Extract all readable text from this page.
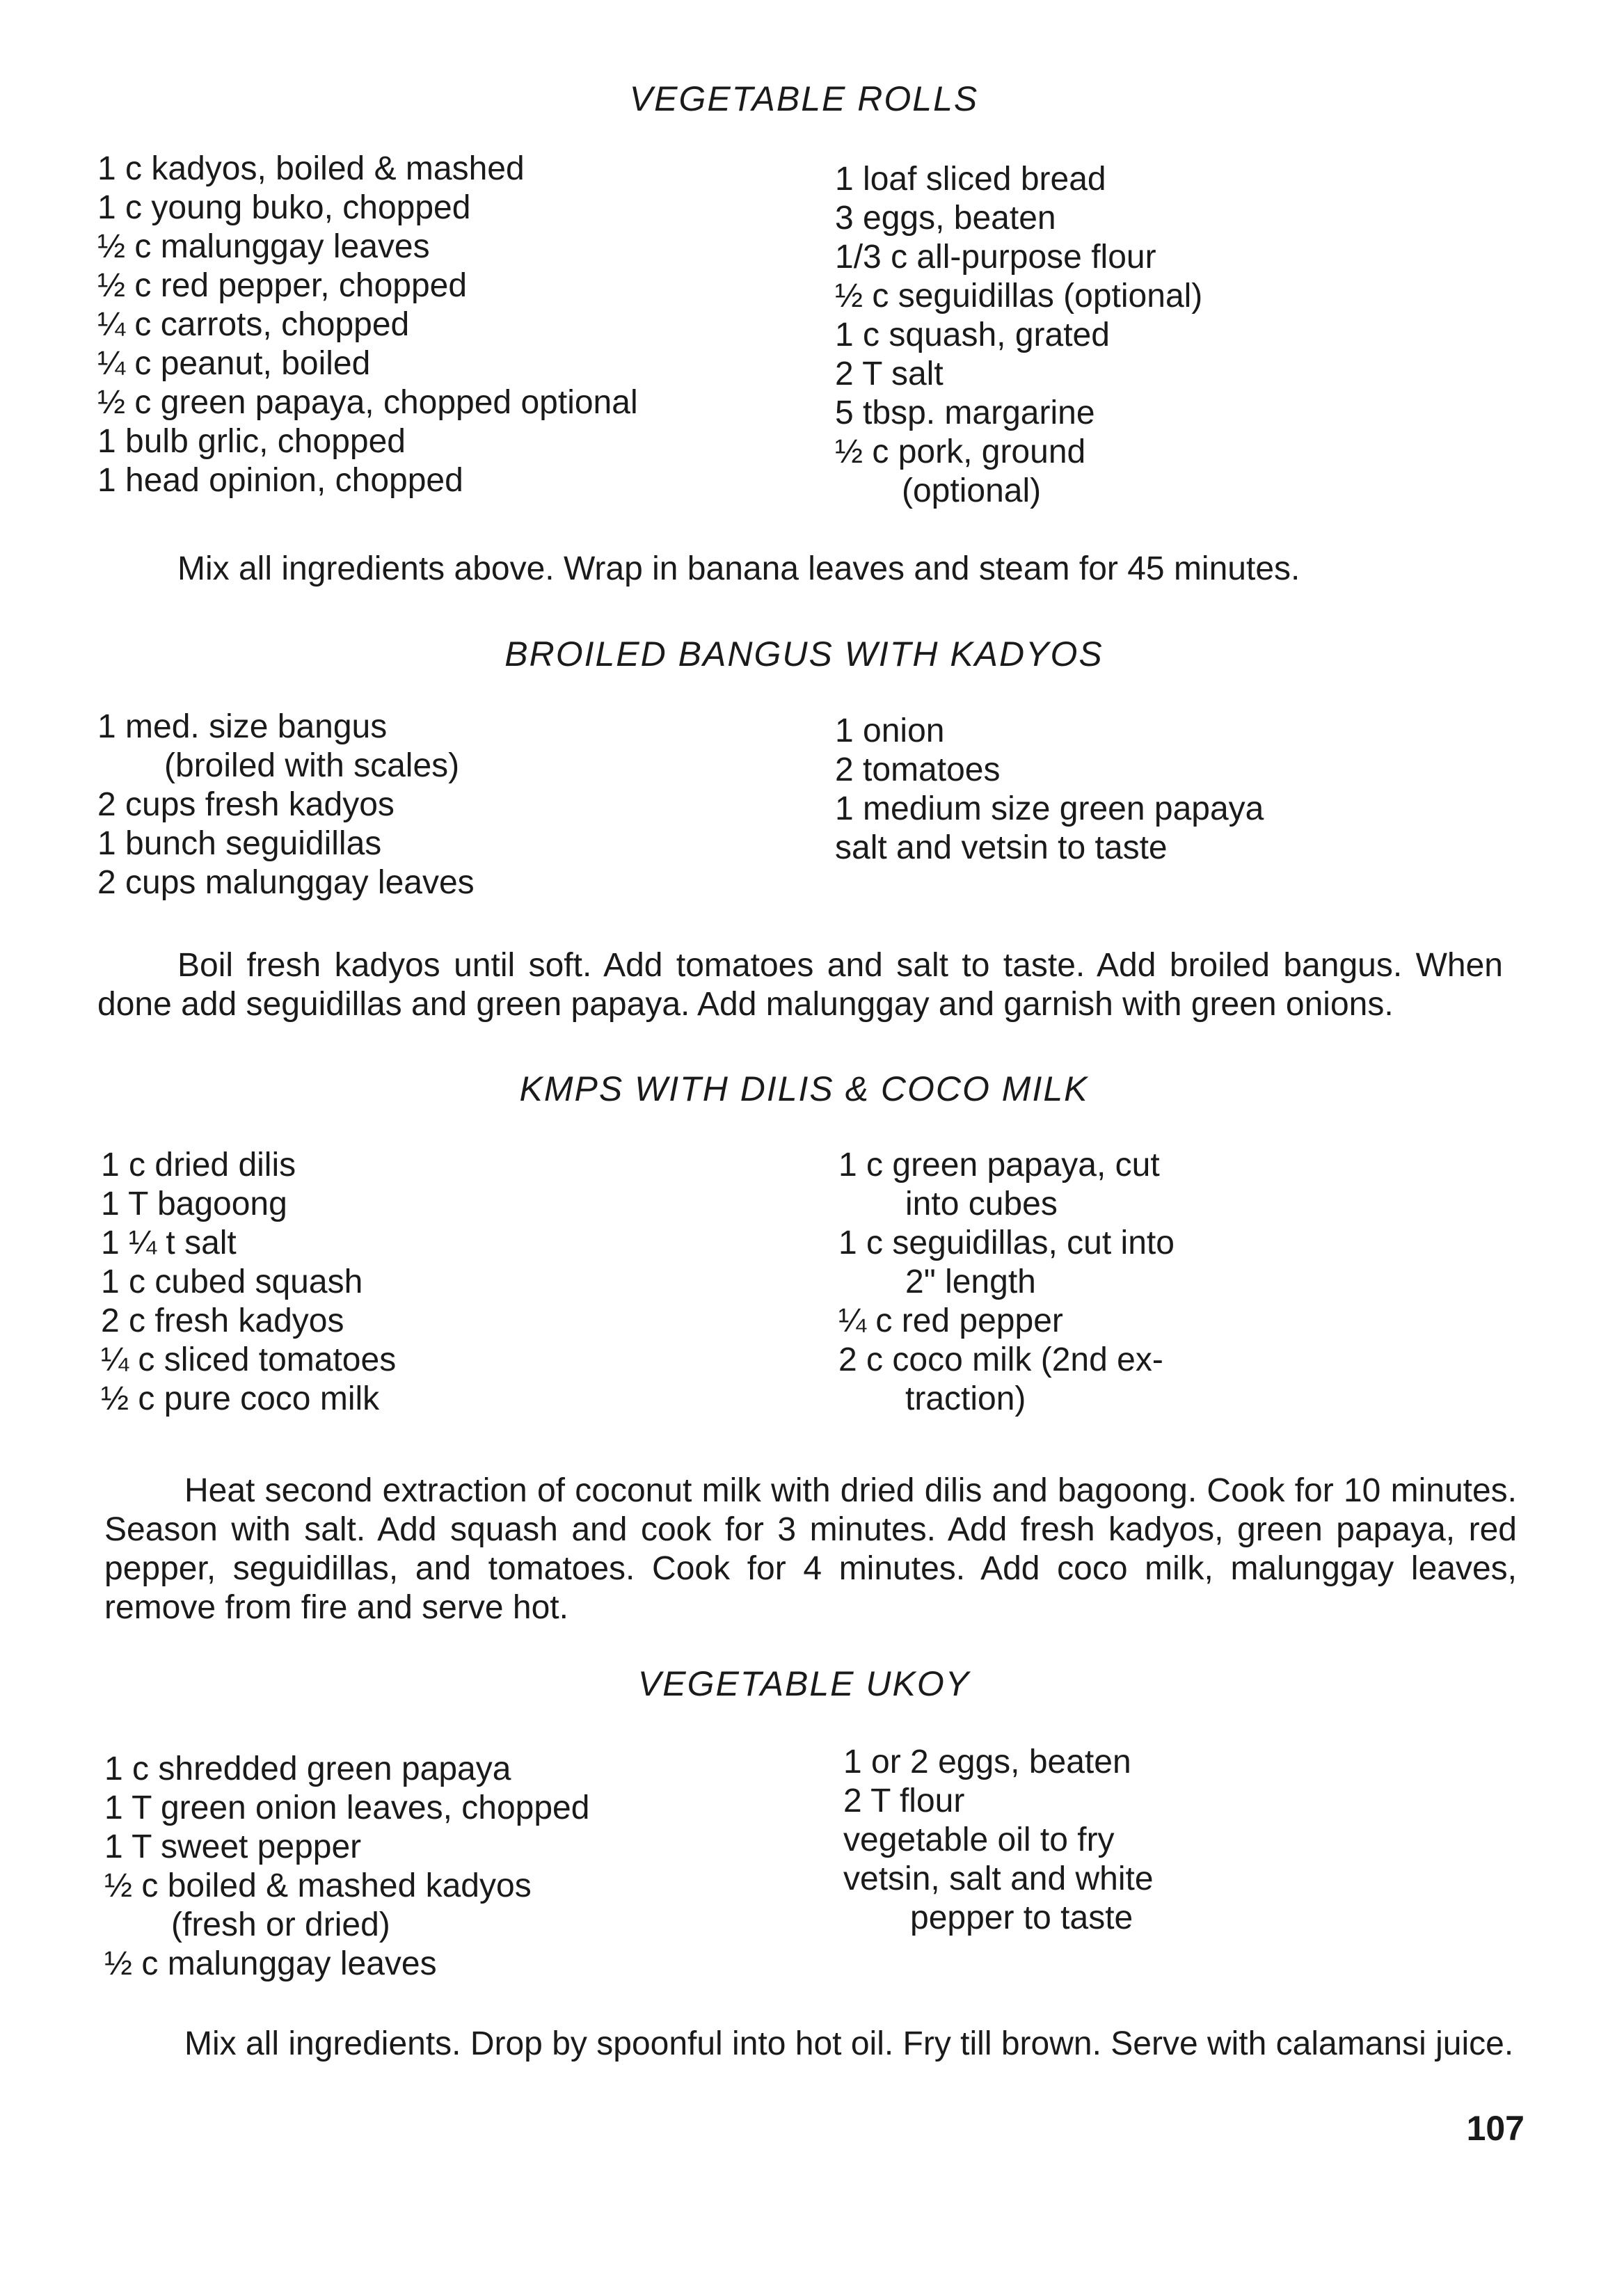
VEGETABLE ROLLS
1 c kadyos, boiled & mashed
1 c young buko, chopped
½ c malunggay leaves
½ c red pepper, chopped
¼ c carrots, chopped
¼ c peanut, boiled
½ c green papaya, chopped optional
1 bulb grlic, chopped
1 head opinion, chopped
1 loaf sliced bread
3 eggs, beaten
1/3 c all-purpose flour
½ c seguidillas (optional)
1 c squash, grated
2 T salt
5 tbsp. margarine
½ c pork, ground
(optional)

Mix all ingredients above. Wrap in banana leaves and steam for 45 minutes.

BROILED BANGUS WITH KADYOS
1 med. size bangus
(broiled with scales)
2 cups fresh kadyos
1 bunch seguidillas
2 cups malunggay leaves
1 onion
2 tomatoes
1 medium size green papaya
salt and vetsin to taste

Boil fresh kadyos until soft. Add tomatoes and salt to taste. Add broiled bangus. When done add seguidillas and green papaya. Add malunggay and garnish with green onions.

KMPS WITH DILIS & COCO MILK
1 c dried dilis
1 T bagoong
1 ¼ t salt
1 c cubed squash
2 c fresh kadyos
¼ c sliced tomatoes
½ c pure coco milk
1 c green papaya, cut
into cubes
1 c seguidillas, cut into
2" length
¼ c red pepper
2 c coco milk (2nd ex-
traction)

Heat second extraction of coconut milk with dried dilis and bagoong. Cook for 10 minutes. Season with salt. Add squash and cook for 3 minutes. Add fresh kadyos, green papaya, red pepper, seguidillas, and tomatoes. Cook for 4 minutes. Add coco milk, malunggay leaves, remove from fire and serve hot.

VEGETABLE UKOY
1 c shredded green papaya
1 T green onion leaves, chopped
1 T sweet pepper
½ c boiled & mashed kadyos
(fresh or dried)
½ c malunggay leaves
1 or 2 eggs, beaten
2 T flour
vegetable oil to fry
vetsin, salt and white
pepper to taste

Mix all ingredients. Drop by spoonful into hot oil. Fry till brown. Serve with calamansi juice.

107
